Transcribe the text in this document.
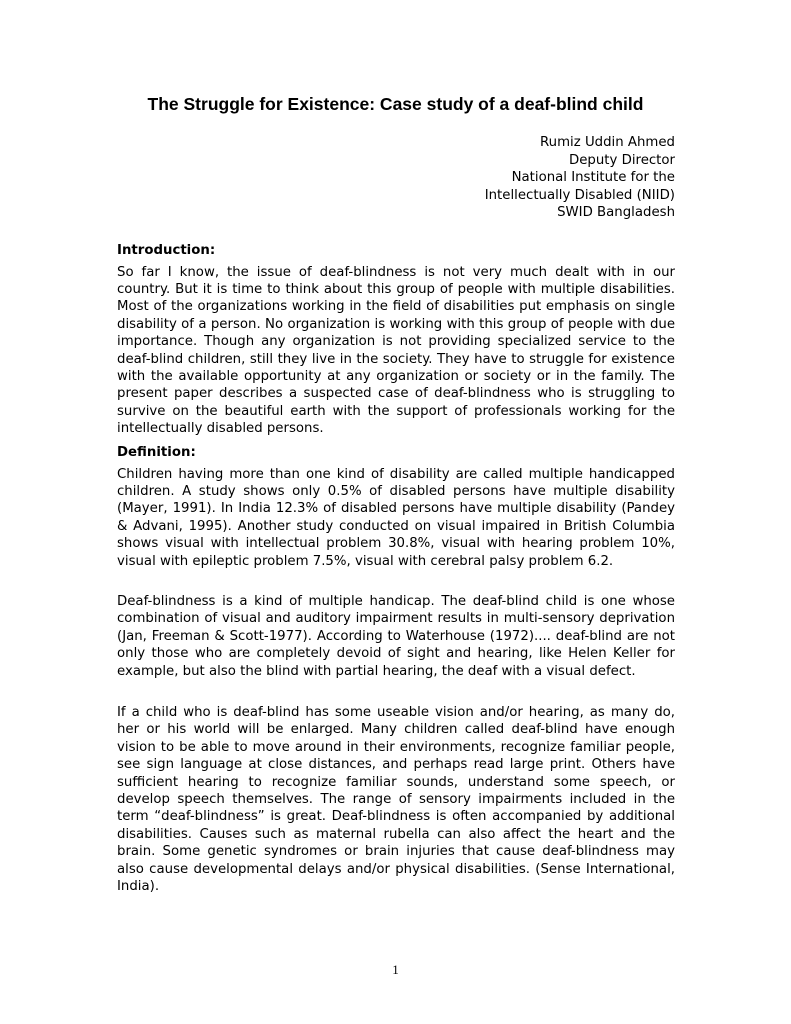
The Struggle for Existence: Case study of a deaf-blind child
Rumiz Uddin Ahmed
Deputy Director
National Institute for the
Intellectually Disabled (NIID)
SWID Bangladesh

Introduction:

So far I know, the issue of deaf-blindness is not very much dealt with in our country. But it is time to think about this group of people with multiple disabilities. Most of the organizations working in the field of disabilities put emphasis on single disability of a person. No organization is working with this group of people with due importance. Though any organization is not providing specialized service to the deaf-blind children, still they live in the society. They have to struggle for existence with the available opportunity at any organization or society or in the family. The present paper describes a suspected case of deaf-blindness who is struggling to survive on the beautiful earth with the support of professionals working for the intellectually disabled persons.

Definition:

Children having more than one kind of disability are called multiple handicapped children. A study shows only 0.5% of disabled persons have multiple disability (Mayer, 1991). In India 12.3% of disabled persons have multiple disability (Pandey & Advani, 1995). Another study conducted on visual impaired in British Columbia shows visual with intellectual problem 30.8%, visual with hearing problem 10%, visual with epileptic problem 7.5%, visual with cerebral palsy problem 6.2.

Deaf-blindness is a kind of multiple handicap. The deaf-blind child is one whose combination of visual and auditory impairment results in multi-sensory deprivation (Jan, Freeman & Scott-1977). According to Waterhouse (1972).... deaf-blind are not only those who are completely devoid of sight and hearing, like Helen Keller for example, but also the blind with partial hearing, the deaf with a visual defect.

If a child who is deaf-blind has some useable vision and/or hearing, as many do, her or his world will be enlarged. Many children called deaf-blind have enough vision to be able to move around in their environments, recognize familiar people, see sign language at close distances, and perhaps read large print. Others have sufficient hearing to recognize familiar sounds, understand some speech, or develop speech themselves. The range of sensory impairments included in the term “deaf-blindness” is great. Deaf-blindness is often accompanied by additional disabilities. Causes such as maternal rubella can also affect the heart and the brain. Some genetic syndromes or brain injuries that cause deaf-blindness may also cause developmental delays and/or physical disabilities. (Sense International, India).

1
